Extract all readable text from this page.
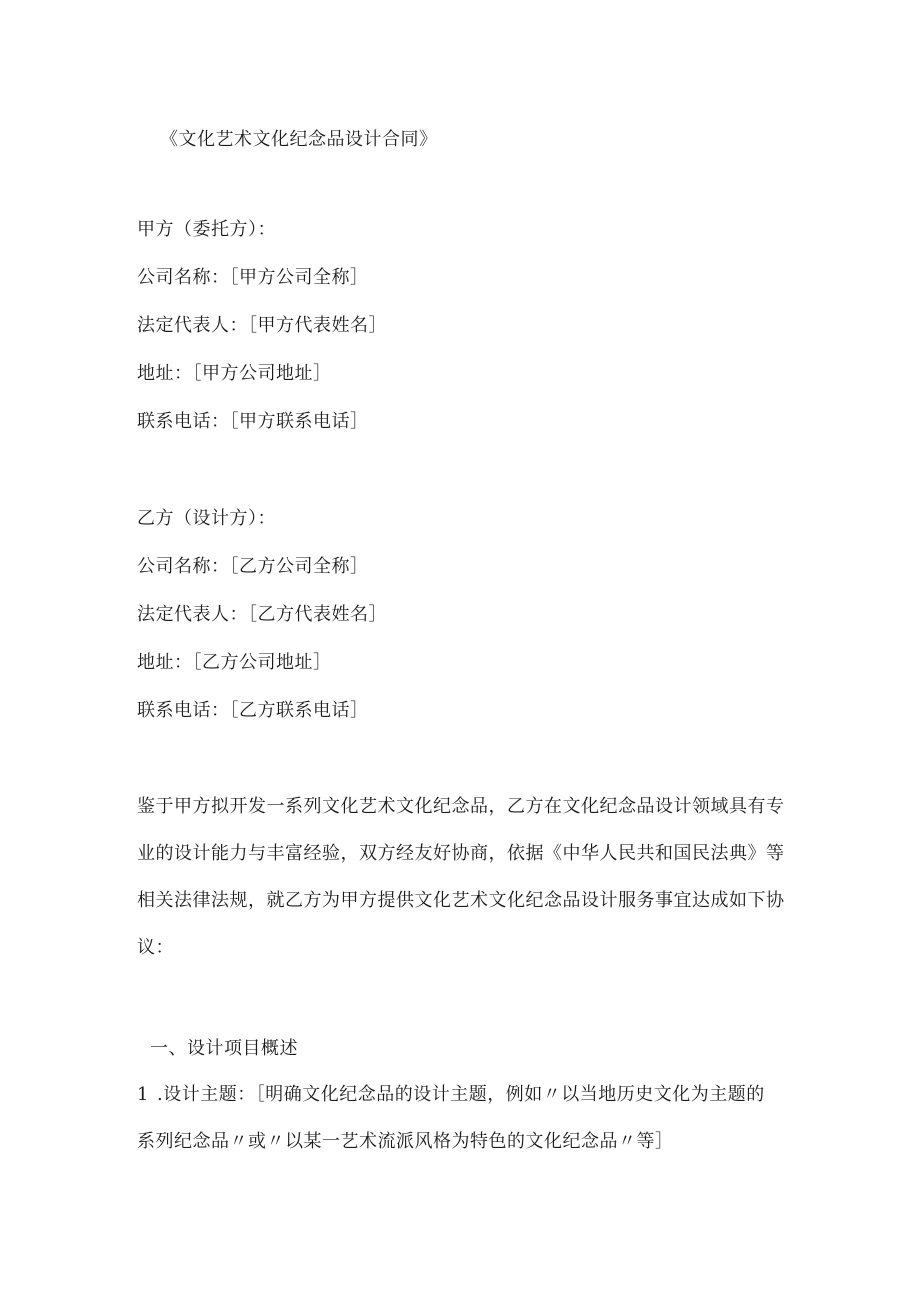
《文化艺术文化纪念品设计合同》
甲方（委托方）：
公司名称：［甲方公司全称］
法定代表人：［甲方代表姓名］
地址：［甲方公司地址］
联系电话：［甲方联系电话］
乙方（设计方）：
公司名称：［乙方公司全称］
法定代表人：［乙方代表姓名］
地址：［乙方公司地址］
联系电话：［乙方联系电话］

鉴于甲方拟开发一系列文化艺术文化纪念品，乙方在文化纪念品设计领域具有专

业的设计能力与丰富经验，双方经友好协商，依据《中华人民共和国民法典》等

相关法律法规，就乙方为甲方提供文化艺术文化纪念品设计服务事宜达成如下协

议：

一、设计项目概述

1 .设计主题：［明确文化纪念品的设计主题，例如〃以当地历史文化为主题的

系列纪念品〃或〃以某一艺术流派风格为特色的文化纪念品〃等］
